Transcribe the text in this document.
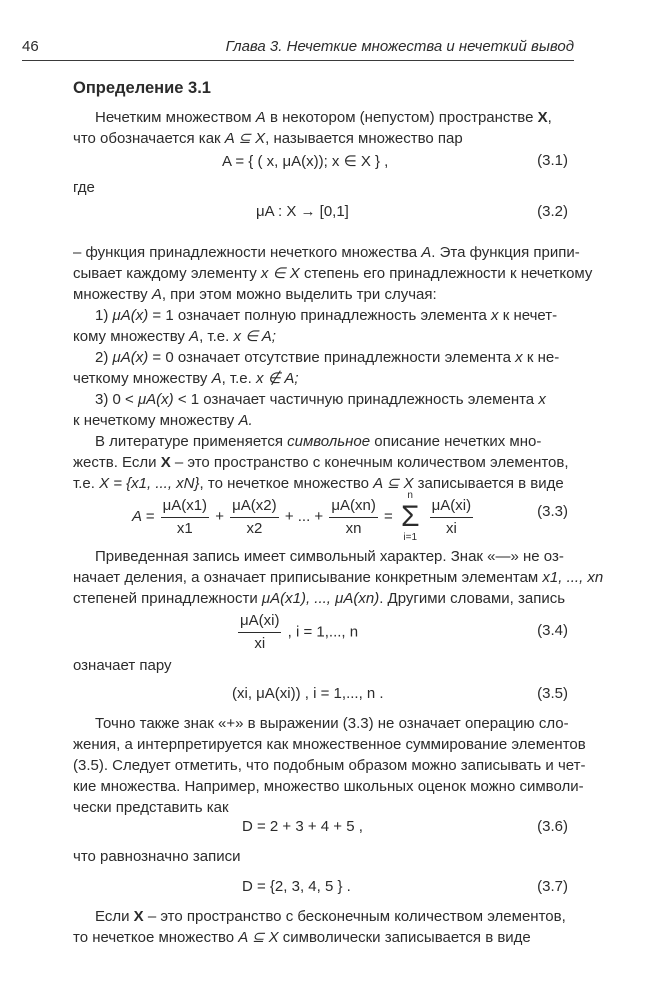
46	Глава 3. Нечеткие множества и нечеткий вывод
Определение 3.1
Нечетким множеством A в некотором (непустом) пространстве X,
что обозначается как A ⊆ X, называется множество пар
A = { ( x, μA(x)); x ∈ X } ,	(3.1)
где
μA : X → [0,1]	(3.2)
– функция принадлежности нечеткого множества A. Эта функция припи-
сывает каждому элементу x ∈ X степень его принадлежности к нечеткому
множеству A, при этом можно выделить три случая:
1) μA(x) = 1 означает полную принадлежность элемента x к нечет-
кому множеству A, т.е. x ∈ A;
2) μA(x) = 0 означает отсутствие принадлежности элемента x к не-
четкому множеству A, т.е. x ∉ A;
3) 0 < μA(x) < 1 означает частичную принадлежность элемента x
к нечеткому множеству A.
В литературе применяется символьное описание нечетких мно-
жеств. Если X – это пространство с конечным количеством элементов,
т.е. X = {x1, ..., xN}, то нечеткое множество A ⊆ X записывается в виде
$A = \frac{\mu A(x1)}{x1} + \frac{\mu A(x2)}{x2}$ + ... + $\frac{\mu A(xn)}{xn}$ =
n
Σ
i=1
$\frac{\mu A(xi)}{xi}$	(3.3)
Приведенная запись имеет символьный характер. Знак «—» не оз-
начает деления, а означает приписывание конкретным элементам x1, ..., xn
степеней принадлежности μA(x1), ..., μA(xn). Другими словами, запись
$\frac{\mu A(xi)}{xi}$ , i = 1,..., n	(3.4)
означает пару
(xi, μA(xi)) , i = 1,..., n .	(3.5)
Точно также знак «+» в выражении (3.3) не означает операцию сло-
жения, а интерпретируется как множественное суммирование элементов
(3.5). Следует отметить, что подобным образом можно записывать и чет-
кие множества. Например, множество школьных оценок можно символи-
чески представить как
D = 2 + 3 + 4 + 5 ,	(3.6)
что равнозначно записи
D = {2, 3, 4, 5 } .	(3.7)
Если X – это пространство с бесконечным количеством элементов,
то нечеткое множество A ⊆ X символически записывается в виде
